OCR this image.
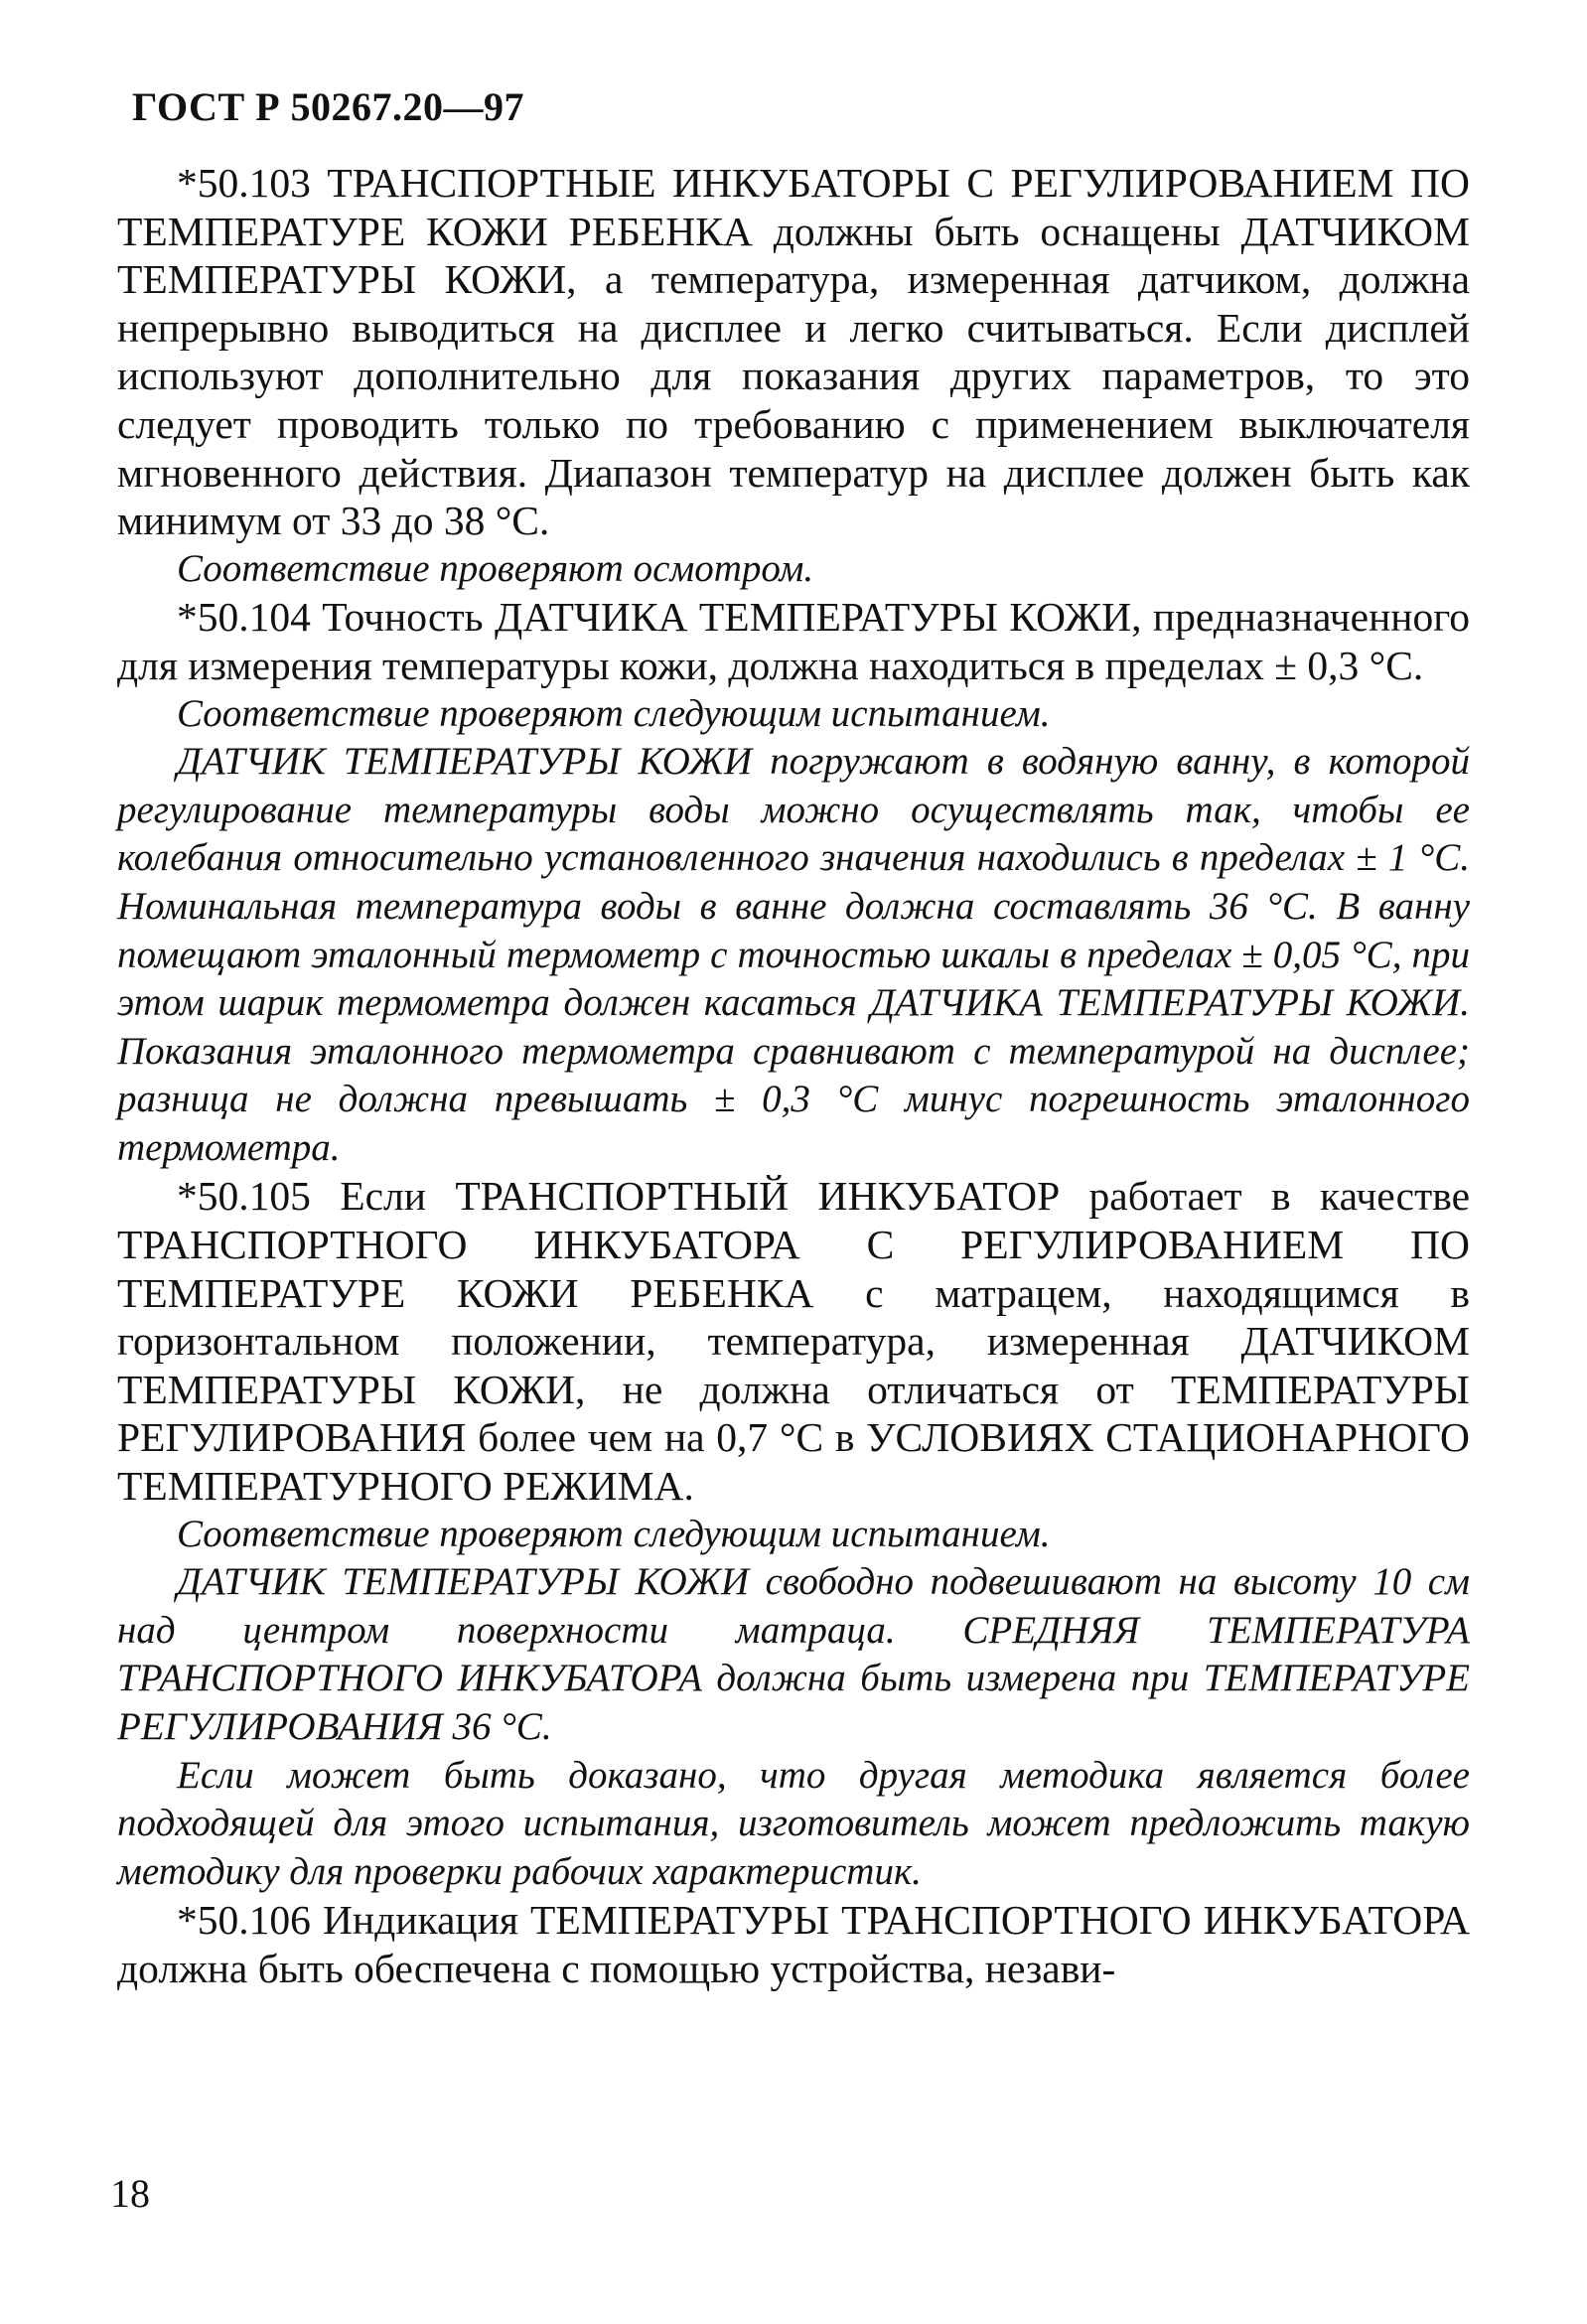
ГОСТ Р 50267.20—97

*50.103 ТРАНСПОРТНЫЕ ИНКУБАТОРЫ С РЕГУЛИРОВАНИЕМ ПО ТЕМПЕРАТУРЕ КОЖИ РЕБЕНКА должны быть оснащены ДАТЧИКОМ ТЕМПЕРАТУРЫ КОЖИ, а температура, измеренная датчиком, должна непрерывно выводиться на дисплее и легко считываться. Если дисплей используют дополнительно для показания других параметров, то это следует проводить только по требованию с применением выключателя мгновенного действия. Диапазон температур на дисплее должен быть как минимум от 33 до 38 °С.

Соответствие проверяют осмотром.

*50.104 Точность ДАТЧИКА ТЕМПЕРАТУРЫ КОЖИ, предназначенного для измерения температуры кожи, должна находиться в пределах ± 0,3 °С.

Соответствие проверяют следующим испытанием.

ДАТЧИК ТЕМПЕРАТУРЫ КОЖИ погружают в водяную ванну, в которой регулирование температуры воды можно осуществлять так, чтобы ее колебания относительно установленного значения находились в пределах ± 1 °С. Номинальная температура воды в ванне должна составлять 36 °С. В ванну помещают эталонный термометр с точностью шкалы в пределах ± 0,05 °С, при этом шарик термометра должен касаться ДАТЧИКА ТЕМПЕРАТУРЫ КОЖИ. Показания эталонного термометра сравнивают с температурой на дисплее; разница не должна превышать ± 0,3 °С минус погрешность эталонного термометра.

*50.105 Если ТРАНСПОРТНЫЙ ИНКУБАТОР работает в качестве ТРАНСПОРТНОГО ИНКУБАТОРА С РЕГУЛИРОВАНИЕМ ПО ТЕМПЕРАТУРЕ КОЖИ РЕБЕНКА с матрацем, находящимся в горизонтальном положении, температура, измеренная ДАТЧИКОМ ТЕМПЕРАТУРЫ КОЖИ, не должна отличаться от ТЕМПЕРАТУРЫ РЕГУЛИРОВАНИЯ более чем на 0,7 °С в УСЛОВИЯХ СТАЦИОНАРНОГО ТЕМПЕРАТУРНОГО РЕЖИМА.

Соответствие проверяют следующим испытанием.

ДАТЧИК ТЕМПЕРАТУРЫ КОЖИ свободно подвешивают на высоту 10 см над центром поверхности матраца. СРЕДНЯЯ ТЕМПЕРАТУРА ТРАНСПОРТНОГО ИНКУБАТОРА должна быть измерена при ТЕМПЕРАТУРЕ РЕГУЛИРОВАНИЯ 36 °С.

Если может быть доказано, что другая методика является более подходящей для этого испытания, изготовитель может предложить такую методику для проверки рабочих характеристик.

*50.106 Индикация ТЕМПЕРАТУРЫ ТРАНСПОРТНОГО ИНКУБАТОРА должна быть обеспечена с помощью устройства, незави-

18
